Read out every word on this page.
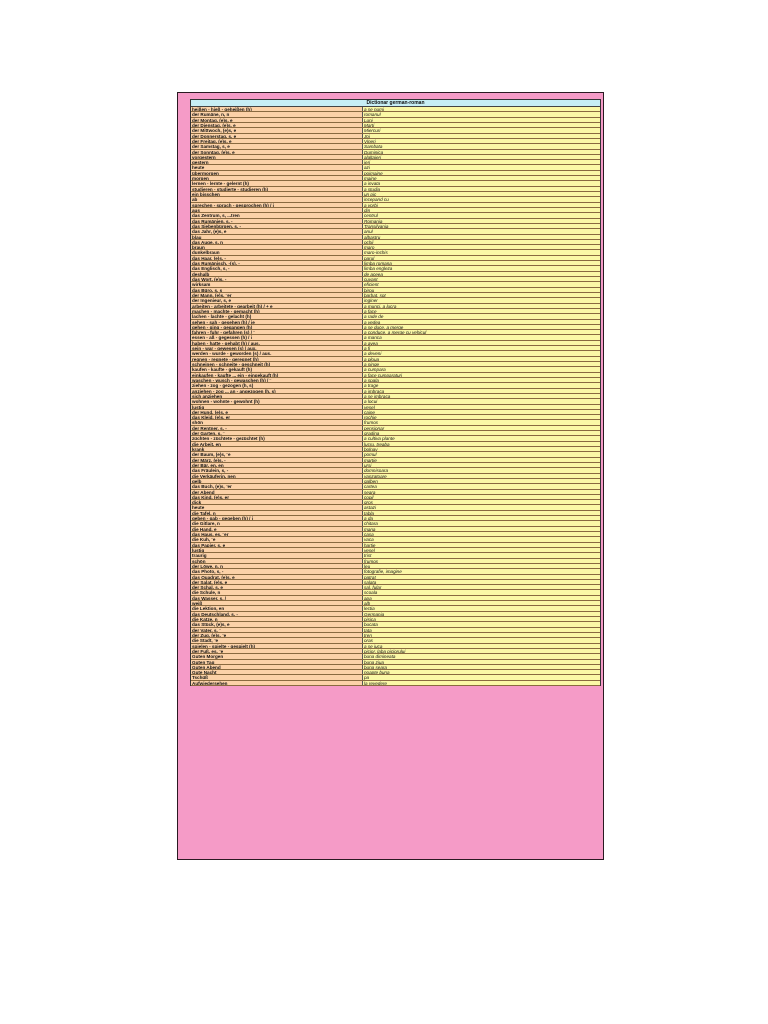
Dictionar german-roman
heißen - hieß - geheißen (h)	a se numi
der Rumäne, n, n	romanul
der Montag, (e)s, e	Luni
der Dienstag, (e)s, e	Marti
der Mittwoch, (e)s, e	Miercuri
der Donnerstag, s, e	Joi
der Freitag, (e)s, e	Vineri
der Samstag, s, e	Sambata
der Sonntag, (e)s, e	Duminica
vorgestern	alaltaieri
gestern	ieri
heute	azi
übermorgen	poimaine
morgen	maine
lernen - lernte - gelernt (h)	a invata
studieren - studierte - studieren (h)	a studia
ein bisschen	un pic
ab	incepand cu
sprechen - sprach - gesprochen (h) / i	a vorbi
aus	din
das Zentrum, s, ...tren	centrul
das Rumänien, s, -	Romania
das Siebenbürgen, s, -	Transilvania
das Jahr, (e)s, e	anul
blau	albastru
das Auge, s, n	ochii
braun	maro
dunkelbraun	maro-inchis
das Haar, (e)s, -	parul
das Rumänisch, -(s), -	limba romana
das Englisch, s, -	limba engleza
deshalb	de aceea
das Wort, (e)s, -	cuvant
wirksam	eficient
das Büro, s, s	birou
der Mann, (e)s, ¨er	barbat, sot
der Ingenieur, s, e	inginer
arbeiten - arbeitete - gearbeit (h) / + e	a munci, a lucra
machen - machte - gemacht (h)	a face
lachen - lachte - gelacht (h)	a rade de
sehen - sah - gesehen (h) / ie	a vedea
gehen - ging - gegangen (h)	a se duce, a merge
fahren - fuhr - gefahren (s) / ¨	a conduce, a merge cu vehicul
essen - aß - gegessen (h) / i	a manca
haben - hatte - gehabt (h) / aus.	a avea
sein - war - gewesen (s) / aux.	a fi
werden - wurde - geworden (s) / aus.	a deveni
regnen - regnete - geregnet (h)	a ploua
schneinen - schneite - geschneit (h)	a ninge
kaufen - kaufte - gekauft (h)	a cumpara
einkaufen - kaufte ... ein - eingekauft (h)	a face cumparaturi
waschen - wusch - gewaschen (h) / ¨	a spala
ziehen - zog - gezogen (h, s)	a trage
anziehen - zog ... an - angezogen (h, s)	a imbraca
sich anziehen	a se imbraca
wohnen - wohnte - gewohnt (h)	a locui
lustig	vesel
der Hund, (e)s, e	caine
das Kleid, (e)s, er	rochie
shön	frumos
der Rentner, s, -	pensionar
der Garten, s, ¨	gradina
züchten - züchtete - gezüchtet (h)	a cultiva plante
die Arbeit, en	lucru, treaba
krank	bolnav
der Baum, (e)s, ¨e	pomul
der März, (e)s, -	martie
der Bär, en, en	ursi
das Fräulein, s, -	domnisoara
die Verkäuferin, nen	vanzatoare
gelb	galben
das Buch, (e)s, ¨er	cartea
der Abend	seara
das Kind, (e)s, er	copil
dick	gros
heute	astazi
die Tafel, n	tabla
geben - gab - gegeben (h) / i	a da
die Gitlare, n	chitara
die Hand, e	mana
das Haus, es, ¨er	casa
die Kuh, ¨e	vaca
das Papier, s, e	hartie
lustig	vesel
traurig	trist
schön	frumos
der Löwe, n, n	leu
das Photo, s, -	fotografie, imagine
das Quadrat, (e)s, e	patrat
der Salat, (e)s, e	salata
der Schal, s, e	sal, fular
die Schule, n	scoala
das Wasser, s, /	apa
weiß	alb
die Lektion, en	lectia
das Deutschland, s, -	Germania
die Katze, n	pisica
das Stück, (e)s, e	bucata
der Vater, s, ¨	tata
der Zug, (e)s, ¨e	tren
die Stadt, ¨e	oras
spielen - spielte - gespielt (h)	a se juca
der Fuß, es, ¨e	picior, laba piciorului
Guten Morgen	buna dimineata
Guten Tag	buna ziua
Guten Abend	buna seara
Gute Nacht	noapte buna
Tschüß	pa
Aufwiedersehen	la revedere
